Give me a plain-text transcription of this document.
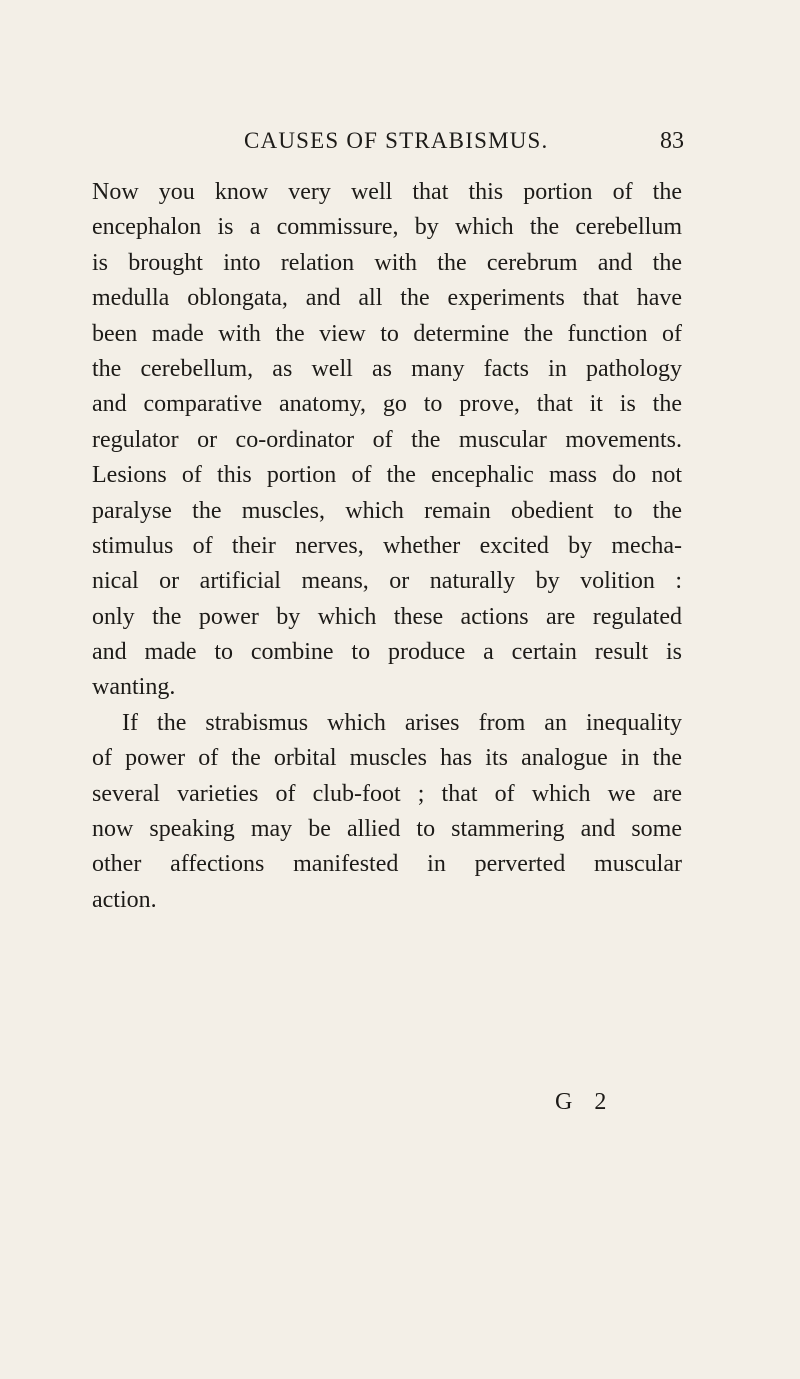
CAUSES OF STRABISMUS.	83
Now you know very well that this portion of the
encephalon is a commissure, by which the cerebellum
is brought into relation with the cerebrum and the
medulla oblongata, and all the experiments that have
been made with the view to determine the function of
the cerebellum, as well as many facts in pathology
and comparative anatomy, go to prove, that it is the
regulator or co-ordinator of the muscular movements.
Lesions of this portion of the encephalic mass do not
paralyse the muscles, which remain obedient to the
stimulus of their nerves, whether excited by mecha-
nical or artificial means, or naturally by volition :
only the power by which these actions are regulated
and made to combine to produce a certain result is
wanting.
If the strabismus which arises from an inequality
of power of the orbital muscles has its analogue in the
several varieties of club-foot ; that of which we are
now speaking may be allied to stammering and some
other affections manifested in perverted muscular
action.
G 2
